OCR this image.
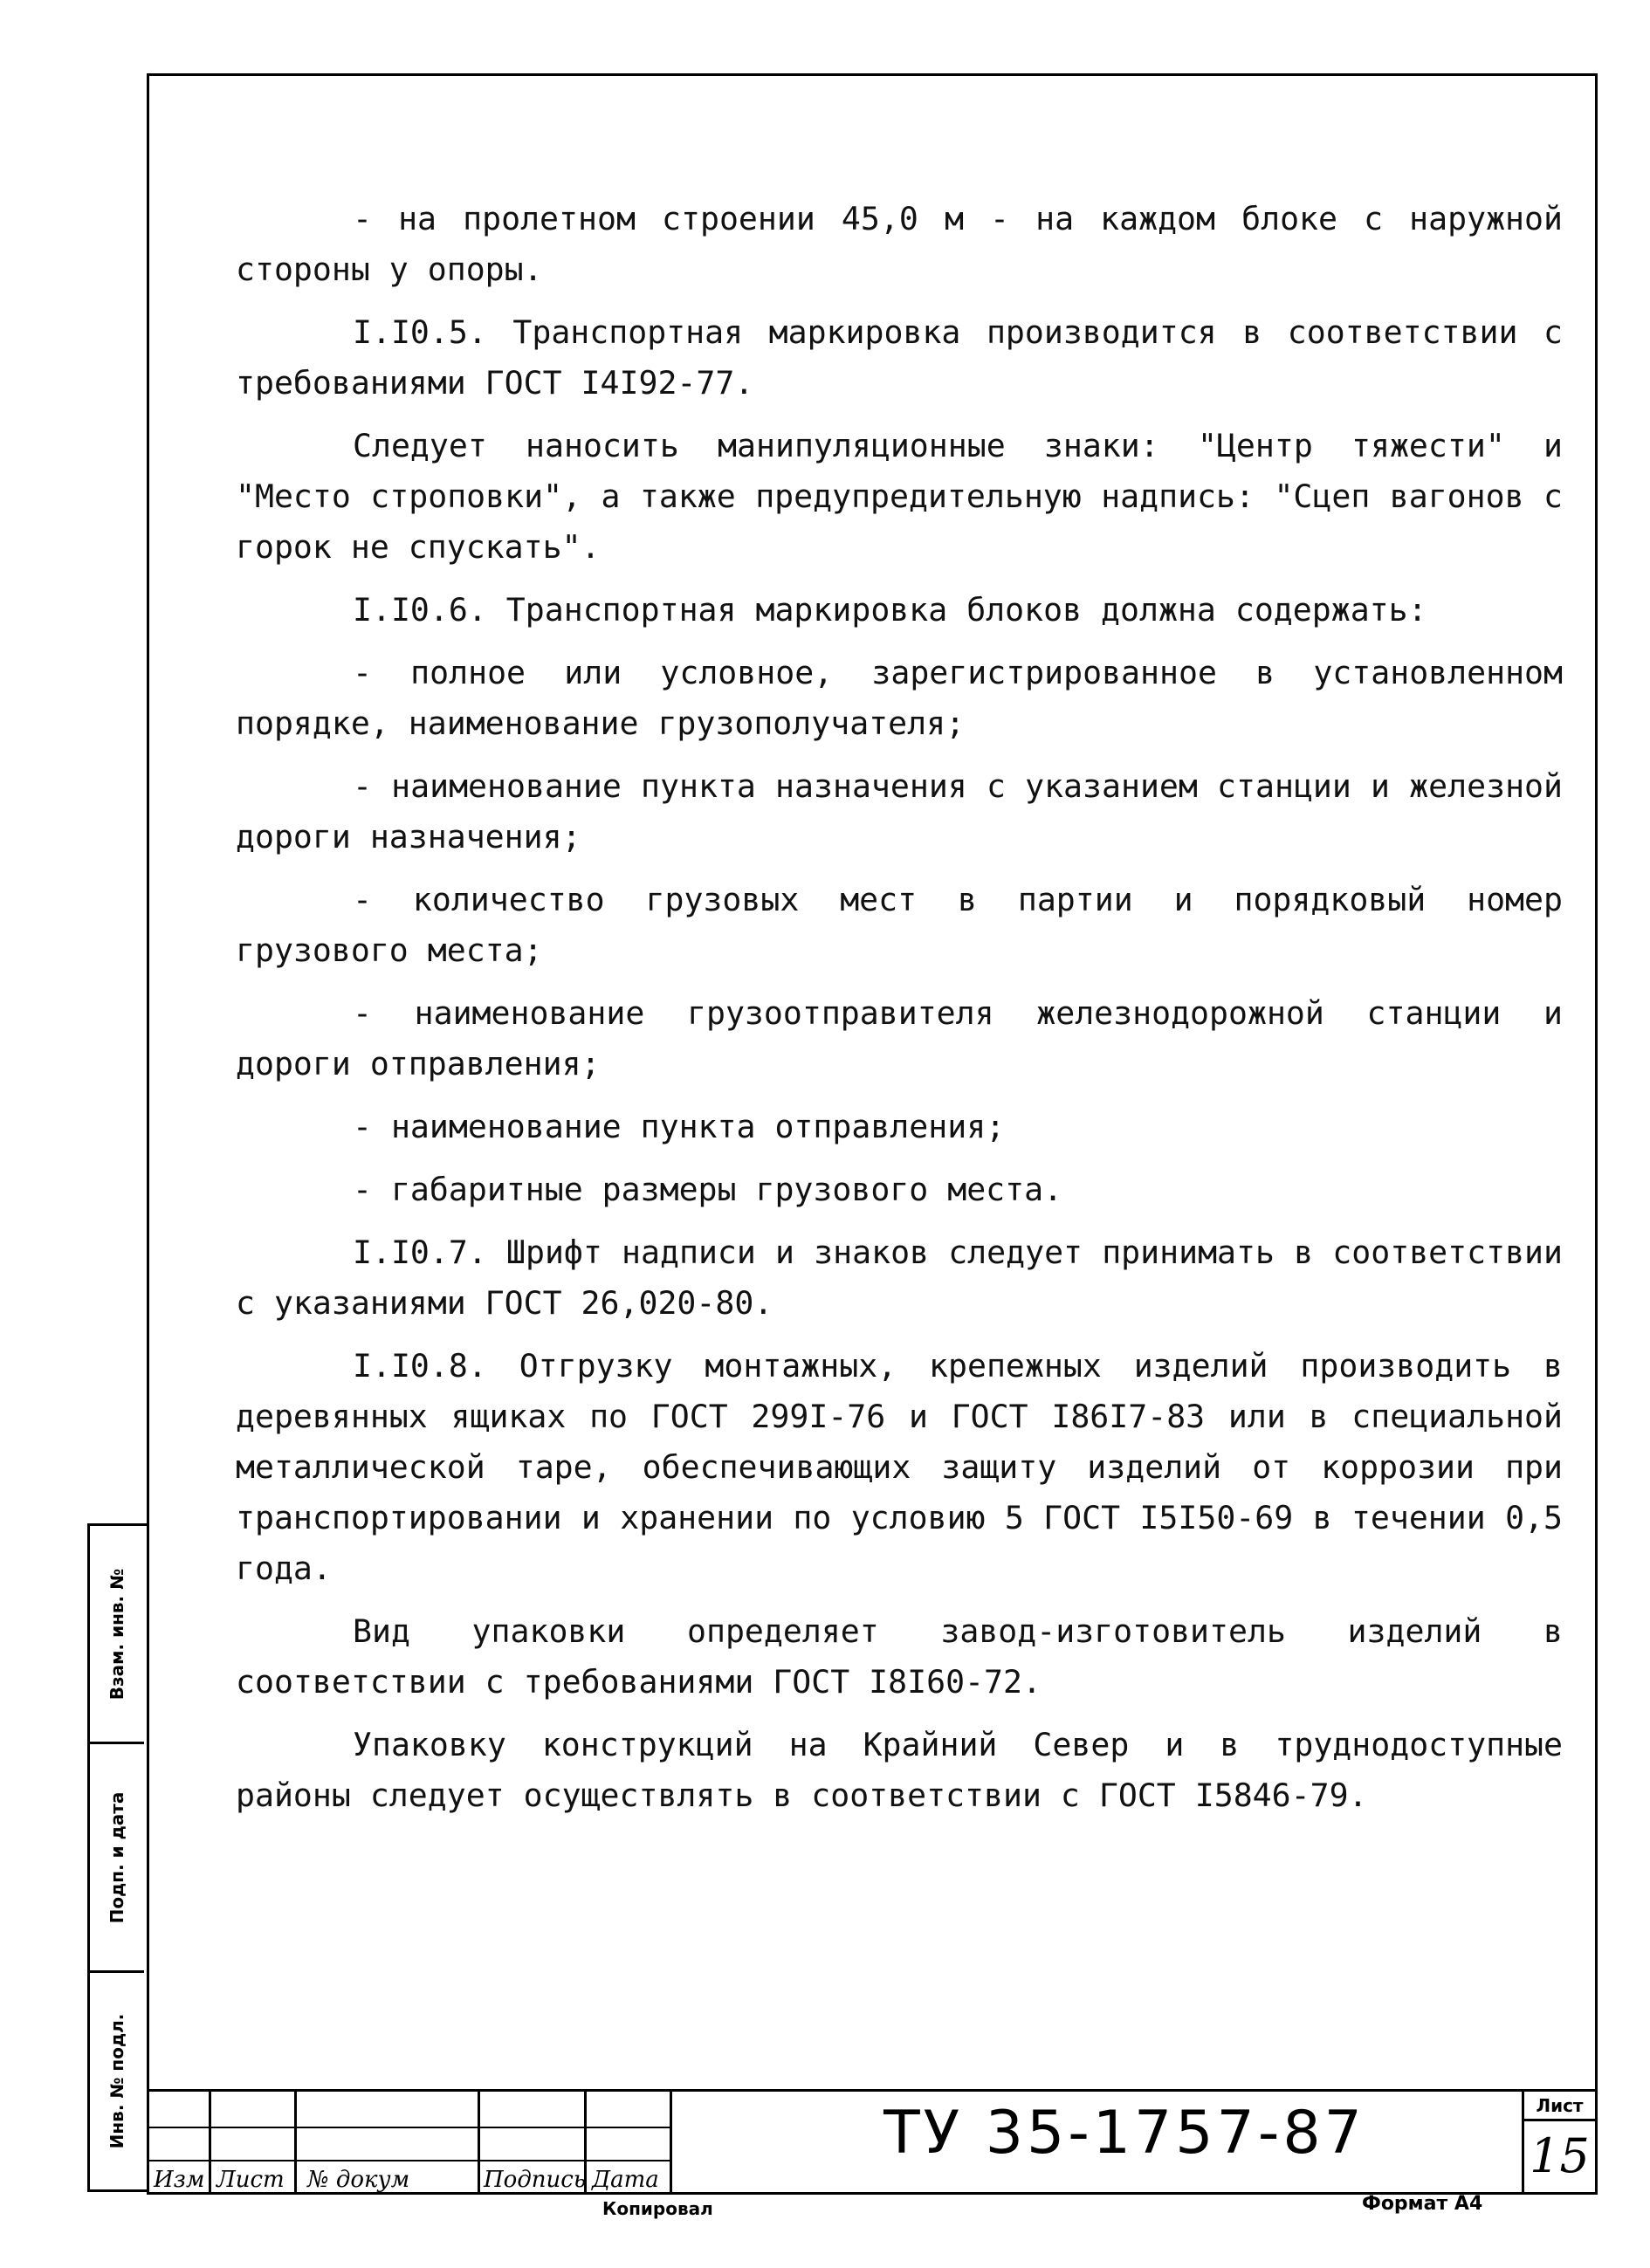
- на пролетном строении 45,0 м - на каждом блоке с наружной стороны у опоры.

I.I0.5. Транспортная маркировка производится в соответствии с требованиями ГОСТ I4I92-77.

Следует наносить манипуляционные знаки: "Центр тяжести" и "Место строповки", а также предупредительную надпись: "Сцеп вагонов с горок не спускать".

I.I0.6. Транспортная маркировка блоков должна содержать:

- полное или условное, зарегистрированное в установленном порядке, наименование грузополучателя;

- наименование пункта назначения с указанием станции и железной дороги назначения;

- количество грузовых мест в партии и порядковый номер грузового места;

- наименование грузоотправителя железнодорожной станции и дороги отправления;

- наименование пункта отправления;

- габаритные размеры грузового места.

I.I0.7. Шрифт надписи и знаков следует принимать в соответствии с указаниями ГОСТ 26,020-80.

I.I0.8. Отгрузку монтажных, крепежных изделий производить в деревянных ящиках по ГОСТ 299I-76 и ГОСТ I86I7-83 или в специальной металлической таре, обеспечивающих защиту изделий от коррозии при транспортировании и хранении по условию 5 ГОСТ I5I50-69 в течении 0,5 года.

Вид упаковки определяет завод-изготовитель изделий в соответствии с требованиями ГОСТ I8I60-72.

Упаковку конструкций на Крайний Север и в труднодоступные районы следует осуществлять в соответствии с ГОСТ I5846-79.

Взам. инв. №
Подп. и дата
Инв. № подл.
Изм Лист № докум	Подпись Дата
ТУ 35-1757-87	Лист
15
Копировал	Формат А4
